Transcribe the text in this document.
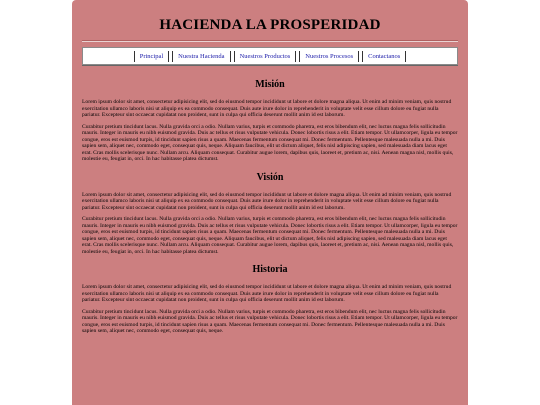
HACIENDA LA PROSPERIDAD
Principal	Nuestra Hacienda	Nuestros Productos	Nuestros Procesos	Contactanos
Misión

Lorem ipsum dolor sit amet, consectetur adipisicing elit, sed do eiusmod tempor incididunt ut labore et dolore magna aliqua. Ut enim ad minim veniam, quis nostrud exercitation ullamco laboris nisi ut aliquip ex ea commodo consequat. Duis aute irure dolor in reprehenderit in voluptate velit esse cillum dolore eu fugiat nulla pariatur. Excepteur sint occaecat cupidatat non proident, sunt in culpa qui officia deserunt mollit anim id est laborum.

Curabitur pretium tincidunt lacus. Nulla gravida orci a odio. Nullam varius, turpis et commodo pharetra, est eros bibendum elit, nec luctus magna felis sollicitudin mauris. Integer in mauris eu nibh euismod gravida. Duis ac tellus et risus vulputate vehicula. Donec lobortis risus a elit. Etiam tempor. Ut ullamcorper, ligula eu tempor congue, eros est euismod turpis, id tincidunt sapien risus a quam. Maecenas fermentum consequat mi. Donec fermentum. Pellentesque malesuada nulla a mi. Duis sapien sem, aliquet nec, commodo eget, consequat quis, neque. Aliquam faucibus, elit ut dictum aliquet, felis nisl adipiscing sapien, sed malesuada diam lacus eget erat. Cras mollis scelerisque nunc. Nullam arcu. Aliquam consequat. Curabitur augue lorem, dapibus quis, laoreet et, pretium ac, nisi. Aenean magna nisl, mollis quis, molestie eu, feugiat in, orci. In hac habitasse platea dictumst.

Visión

Lorem ipsum dolor sit amet, consectetur adipisicing elit, sed do eiusmod tempor incididunt ut labore et dolore magna aliqua. Ut enim ad minim veniam, quis nostrud exercitation ullamco laboris nisi ut aliquip ex ea commodo consequat. Duis aute irure dolor in reprehenderit in voluptate velit esse cillum dolore eu fugiat nulla pariatur. Excepteur sint occaecat cupidatat non proident, sunt in culpa qui officia deserunt mollit anim id est laborum.

Curabitur pretium tincidunt lacus. Nulla gravida orci a odio. Nullam varius, turpis et commodo pharetra, est eros bibendum elit, nec luctus magna felis sollicitudin mauris. Integer in mauris eu nibh euismod gravida. Duis ac tellus et risus vulputate vehicula. Donec lobortis risus a elit. Etiam tempor. Ut ullamcorper, ligula eu tempor congue, eros est euismod turpis, id tincidunt sapien risus a quam. Maecenas fermentum consequat mi. Donec fermentum. Pellentesque malesuada nulla a mi. Duis sapien sem, aliquet nec, commodo eget, consequat quis, neque. Aliquam faucibus, elit ut dictum aliquet, felis nisl adipiscing sapien, sed malesuada diam lacus eget erat. Cras mollis scelerisque nunc. Nullam arcu. Aliquam consequat. Curabitur augue lorem, dapibus quis, laoreet et, pretium ac, nisi. Aenean magna nisl, mollis quis, molestie eu, feugiat in, orci. In hac habitasse platea dictumst.

Historia

Lorem ipsum dolor sit amet, consectetur adipisicing elit, sed do eiusmod tempor incididunt ut labore et dolore magna aliqua. Ut enim ad minim veniam, quis nostrud exercitation ullamco laboris nisi ut aliquip ex ea commodo consequat. Duis aute irure dolor in reprehenderit in voluptate velit esse cillum dolore eu fugiat nulla pariatur. Excepteur sint occaecat cupidatat non proident, sunt in culpa qui officia deserunt mollit anim id est laborum.

Curabitur pretium tincidunt lacus. Nulla gravida orci a odio. Nullam varius, turpis et commodo pharetra, est eros bibendum elit, nec luctus magna felis sollicitudin mauris. Integer in mauris eu nibh euismod gravida. Duis ac tellus et risus vulputate vehicula. Donec lobortis risus a elit. Etiam tempor. Ut ullamcorper, ligula eu tempor congue, eros est euismod turpis, id tincidunt sapien risus a quam. Maecenas fermentum consequat mi. Donec fermentum. Pellentesque malesuada nulla a mi. Duis sapien sem, aliquet nec, commodo eget, consequat quis, neque.
